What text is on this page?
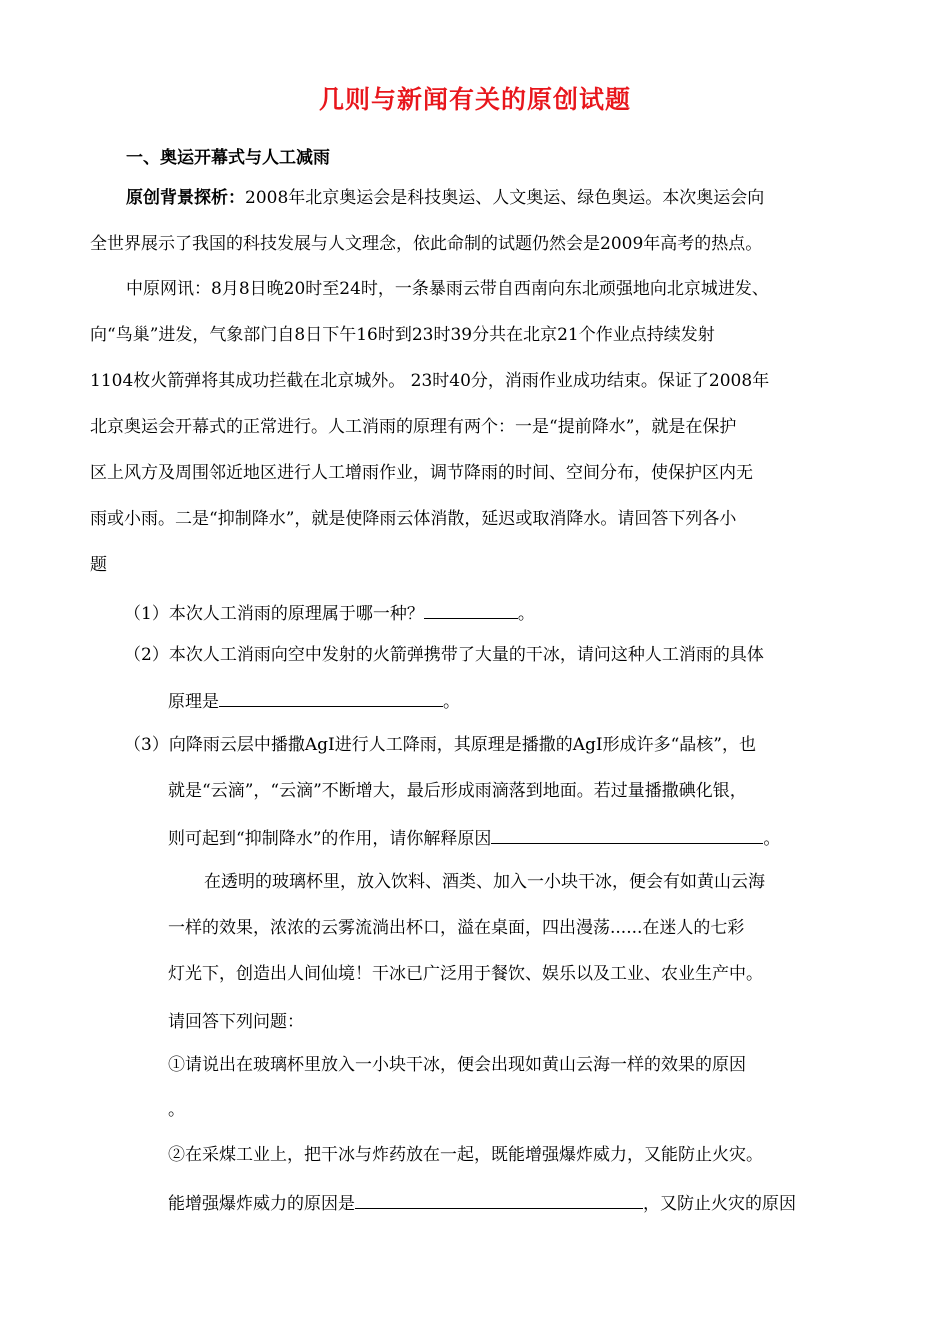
几则与新闻有关的原创试题
一、奥运开幕式与人工减雨
原创背景探析：2008年北京奥运会是科技奥运、人文奥运、绿色奥运。本次奥运会向
全世界展示了我国的科技发展与人文理念，依此命制的试题仍然会是2009年高考的热点。
中原网讯：8月8日晚20时至24时，一条暴雨云带自西南向东北顽强地向北京城进发、
向“鸟巢”进发，气象部门自8日下午16时到23时39分共在北京21个作业点持续发射
1104枚火箭弹将其成功拦截在北京城外。 23时40分，消雨作业成功结束。保证了2008年
北京奥运会开幕式的正常进行。人工消雨的原理有两个：一是“提前降水”，就是在保护
区上风方及周围邻近地区进行人工增雨作业，调节降雨的时间、空间分布，使保护区内无
雨或小雨。二是“抑制降水”，就是使降雨云体消散，延迟或取消降水。请回答下列各小
题
（1）本次人工消雨的原理属于哪一种？	。
（2）本次人工消雨向空中发射的火箭弹携带了大量的干冰，请问这种人工消雨的具体
原理是	。
（3）向降雨云层中播撒AgI进行人工降雨，其原理是播撒的AgI形成许多“晶核”，也
就是“云滴”，“云滴”不断增大，最后形成雨滴落到地面。若过量播撒碘化银，
则可起到“抑制降水”的作用，请你解释原因	。
在透明的玻璃杯里，放入饮料、酒类、加入一小块干冰，便会有如黄山云海
一样的效果，浓浓的云雾流淌出杯口，溢在桌面，四出漫荡......在迷人的七彩
灯光下，创造出人间仙境！干冰已广泛用于餐饮、娱乐以及工业、农业生产中。
请回答下列问题：
①请说出在玻璃杯里放入一小块干冰，便会出现如黄山云海一样的效果的原因
。
②在采煤工业上，把干冰与炸药放在一起，既能增强爆炸威力，又能防止火灾。
能增强爆炸威力的原因是	，又防止火灾的原因
